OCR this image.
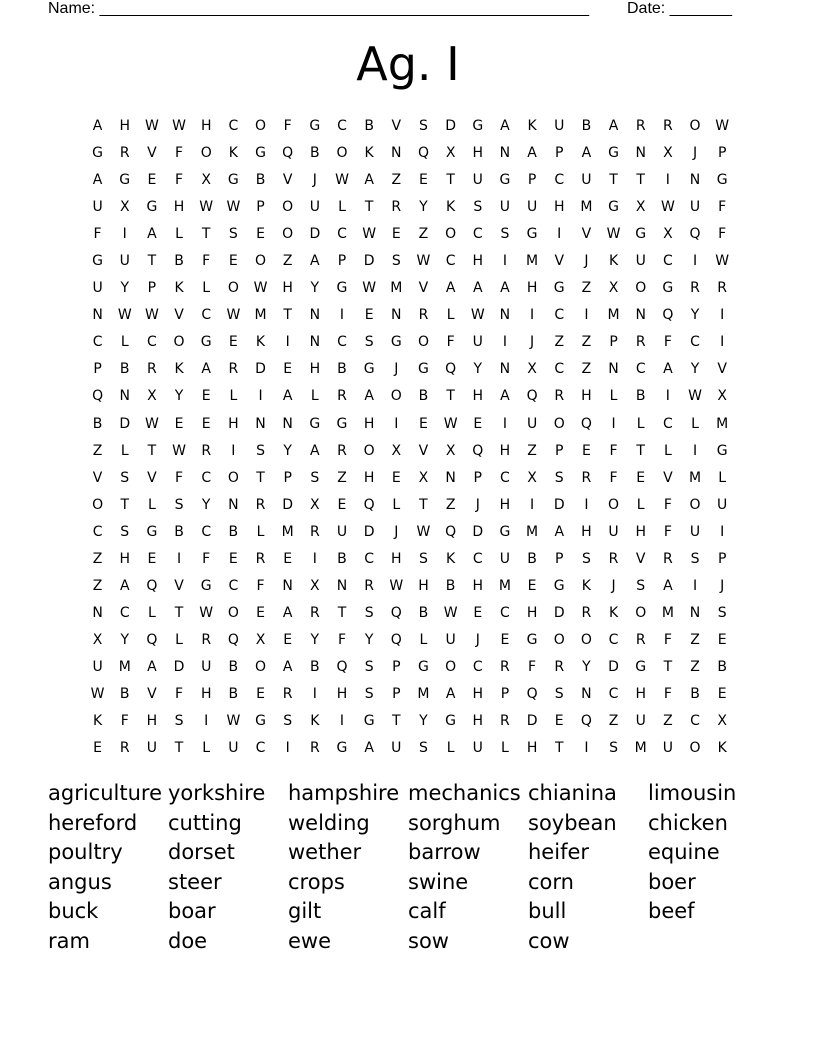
Name: _______________________________________________________ Date: _______
Ag. I
A	H	W W	H	C	O	F	G	C	B	V	S	D	G	A	K	U	B	A	R	R	O	W
G	R	V	F	O	K	G	Q	B	O	K	N	Q	X	H	N	A	P	A	G	N	X	J	P
A	G	E	F	X	G	B	V	J	W	A	Z	E	T	U	G	P	C	U	T	T	I	N	G
U	X	G	H	W W	P	O	U	L	T	R	Y	K	S	U	U	H	M	G	X	W	U	F
F	I	A	L	T	S	E	O	D	C	W	E	Z	O	C	S	G	I	V	W	G	X	Q	F
G	U	T	B	F	E	O	Z	A	P	D	S	W	C	H	I	M	V	J	K	U	C	I	W
U	Y	P	K	L	O	W	H	Y	G	W	M	V	A	A	A	H	G	Z	X	O	G	R	R
N	W W	V	C	W	M	T	N	I	E	N	R	L	W	N	I	C	I	M	N	Q	Y	I
C	L	C	O	G	E	K	I	N	C	S	G	O	F	U	I	J	Z	Z	P	R	F	C	I
P	B	R	K	A	R	D	E	H	B	G	J	G	Q	Y	N	X	C	Z	N	C	A	Y	V
Q	N	X	Y	E	L	I	A	L	R	A	O	B	T	H	A	Q	R	H	L	B	I	W	X
B	D	W	E	E	H	N	N	G	G	H	I	E	W	E	I	U	O	Q	I	L	C	L	M
Z	L	T	W	R	I	S	Y	A	R	O	X	V	X	Q	H	Z	P	E	F	T	L	I	G
V	S	V	F	C	O	T	P	S	Z	H	E	X	N	P	C	X	S	R	F	E	V	M	L
O	T	L	S	Y	N	R	D	X	E	Q	L	T	Z	J	H	I	D	I	O	L	F	O	U
C	S	G	B	C	B	L	M	R	U	D	J	W	Q	D	G	M	A	H	U	H	F	U	I
Z	H	E	I	F	E	R	E	I	B	C	H	S	K	C	U	B	P	S	R	V	R	S	P
Z	A	Q	V	G	C	F	N	X	N	R	W	H	B	H	M	E	G	K	J	S	A	I	J
N	C	L	T	W	O	E	A	R	T	S	Q	B	W	E	C	H	D	R	K	O	M	N	S
X	Y	Q	L	R	Q	X	E	Y	F	Y	Q	L	U	J	E	G	O	O	C	R	F	Z	E
U	M	A	D	U	B	O	A	B	Q	S	P	G	O	C	R	F	R	Y	D	G	T	Z	B
W	B	V	F	H	B	E	R	I	H	S	P	M	A	H	P	Q	S	N	C	H	F	B	E
K	F	H	S	I	W	G	S	K	I	G	T	Y	G	H	R	D	E	Q	Z	U	Z	C	X
E	R	U	T	L	U	C	I	R	G	A	U	S	L	U	L	H	T	I	S	M	U	O	K
agriculture yorkshire	hampshire mechanics chianina	limousin
hereford	cutting	welding	sorghum	soybean	chicken
poultry	dorset	wether	barrow	heifer	equine
angus	steer	crops	swine	corn	boer
buck	boar	gilt	calf	bull	beef
ram	doe	ewe	sow	cow
